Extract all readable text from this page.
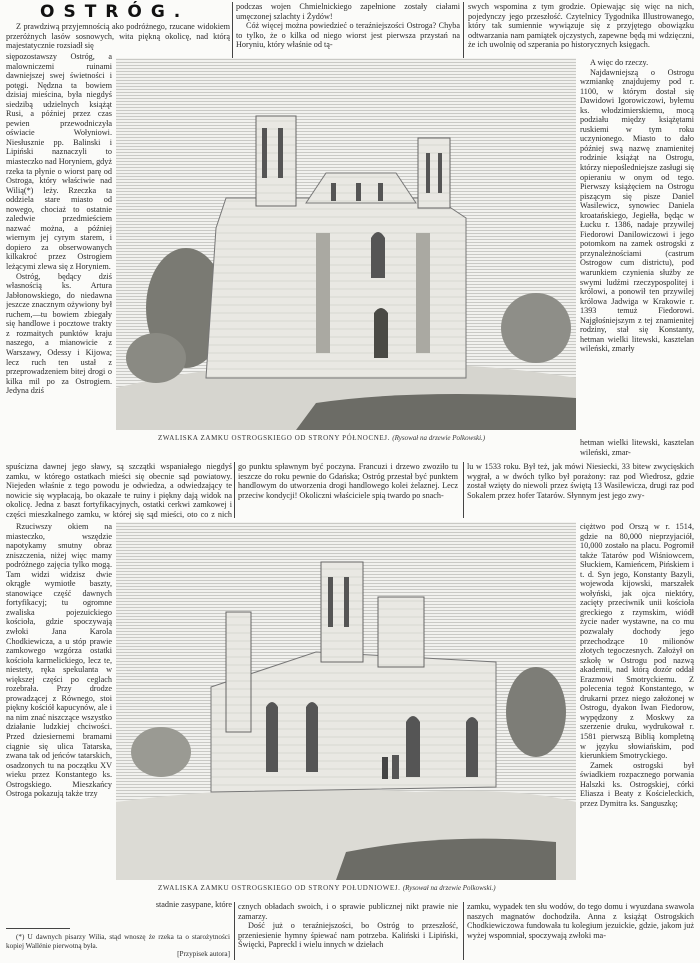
OSTRÓG.

Z prawdziwą przyjemnością ako podróżnego, rzucane widokiem przeróżnych lasów sosnowych, wita piękną okolicę, nad którą majestatycznie rozsiadł się

siępozostawszy Ostróg, a malowniczemi ruinami dawniejszej swej świetności i potęgi. Nędzna ta bowiem dzisiaj mieścina, była niegdyś siedzibą udzielnych książąt Rusi, a później przez czas pewien przewodniczyła oświacie Wołyniowi. Niesłusznie pp. Balinski i Lipiński naznaczyli to miasteczko nad Horyniem, gdyż rzeka ta płynie o wiorst parę od Ostroga, który właściwie nad Wilią(*) leży. Rzeczka ta oddziela stare miasto od nowego, chociaż to ostatnie zaledwie przedmieściem nazwać można, a później wiernym jej cyrym starem, i dopiero za obserwowanych kilkakroć przez Ostrogiem leżącymi zlewa się z Horyniem.

Ostróg, będący dziś własnością ks. Artura Jabłonowskiego, do niedawna jeszcze znacznym ożywiony był ruchem,—tu bowiem zbiegały się handlowe i pocztowe trakty z rozmaitych punktów kraju naszego, a mianowicie z Warszawy, Odessy i Kijowa; lecz ruch ten ustał z przeprowadzeniem bitej drogi o kilka mil po za Ostrogiem. Jedyna dziś

podczas wojen Chmielnickiego zapełnione zostały ciałami umęczonej szlachty i Żydów!

Cóż więcej można powiedzieć o teraźniejszości Ostroga? Chyba to tylko, że o kilka od niego wiorst jest pierwsza przystań na Horyniu, który właśnie od tą-

swych wspomina z tym grodzie. Opiewając się więc na nich, pojedynczy jego przeszłość. Czytelnicy Tygodnika Illustrowanego, który tak sumiennie wywiązuje się z przyjętego obowiązku odtwarzania nam pamiątek ojczystych, zapewne będą mi wdzięczni, że ich uwolnię od szperania po historycznych księgach.

A więc do rzeczy.

Najdawniejszą o Ostrogu wzmiankę znajdujemy pod r. 1100, w którym dostał się Dawidowi Igorowiczowi, byłemu ks. włodzimierskiemu, mocą podziału między książętami ruskiemi w tym roku uczynionego. Miasto to dało później swą nazwę znamienitej rodzinie książąt na Ostrogu, którzy niepośledniejsze zasługi się opieraniu w onym od tego. Pierwszy książęciem na Ostrogu piszącym się pisze Daniel Wasilewicz, synowiec Daniela kroatańskiego, Jegiełła, będąc w Łucku r. 1386, nadaje przywilej Fiedorowi Danilowiczowi i jego potomkom na zamek ostrogski z przynależnościami (castrum Ostrogow cum districtu), pod warunkiem czynienia służby ze swymi ludźmi rzeczypospolitej i królowi, a ponowił ten przywilej królowa Jadwiga w Krakowie r. 1393 temuż Fiedorowi. Najgłośniejszym z tej znamienitej rodziny, stał się Konstanty, hetman wielki litewski, kasztelan wileński, zmarły

ZWALISKA ZAMKU OSTROGSKIEGO OD STRONY PÓŁNOCNEJ. (Rysował na drzewie Polkowski.)

spuścizna dawnej jego sławy, są szczątki wspaniałego niegdyś zamku, w którego ostatkach mieści się obecnie sąd powiatowy. Niejeden właśnie z tego powodu je odwiedza, a odwiedzający te nowicie się wypłacają, bo okazałe te ruiny i piękny dają widok na okolicę. Jedna z baszt fortyfikacyjnych, ostatki cerkwi zamkowej i części mieszkalnego zamku, w której się sąd mieści, oto co z nich

go punktu spławnym być poczyna. Francuzi i drzewo zwoziło tu ieszcze do roku pewnie do Gdańska; Ostróg przestał być punktem handlowym do utworzenia drogi handlowego kolei żelaznej. Lecz przeciw kondycji! Okoliczni właściciele spią twardo po snach-

lu w 1533 roku. Był też, jak mówi Niesiecki, 33 bitew zwycięskich wygrał, a w dwóch tylko był porażony: raz pod Wiedrosz, gdzie został wzięty do niewoli przez świętą 13 Wasilewicza, drugi raz pod Sokalem przez hofer Tatarów. Słynnym jest jego zwy-

hetman wielki litewski, kasztelan wileński, zmar-

Rzuciwszy okiem na miasteczko, wszędzie napotykamy smutny obraz zniszczenia, niżej więc mamy podróżnego zajęcia tylko mogą. Tam widzi widzisz dwie okrągłe wymiotłe baszty, stanowiące część dawnych fortyfikacyj; tu ogromne zwaliska pojezuickiego kościoła, gdzie spoczywają zwłoki Jana Karola Chodkiewicza, a u stóp prawie zamkowego wzgórza ostatki kościoła karmelickiego, lecz te, niestety, ręka spekulanta w większej części po ceglach rozebrała. Przy drodze prowadzącej z Równego, stoi piękny kościół kapucynów, ale i na nim znać niszczące wszystko działanie ludzkiej chciwości. Przed dziesiernemi bramami ciągnie się ulica Tatarska, zwana tak od jeńców tatarskich, osadzonych tu na początku XV wieku przez Konstantego ks. Ostrogskiego. Mieszkańcy Ostroga pokazują także trzy

ciężtwo pod Orszą w r. 1514, gdzie na 80,000 nieprzyjaciół, 10,000 zostało na placu. Pogromił także Tatarów pod Wiśniowcem, Słuckiem, Kamieńcem, Pińskiem i t. d. Syn jego, Konstanty Bazyli, wojewoda kijowski, marszałek wołyński, jak ojca niektóry, zacięty przeciwnik unii kościoła greckiego z rzymskim, wiódł życie nader wystawne, na co mu pozwalały dochody jego przechodzące 10 milionów złotych tegoczesnych. Założył on szkołę w Ostrogu pod nazwą akademii, nad którą dozór oddał Erazmowi Smotryckiemu. Z polecenia tegoż Konstantego, w drukarni przez niego założonej w Ostrogu, dyakon Iwan Fiedorow, wypędzony z Moskwy za szerzenie druku, wydrukował r. 1581 pierwszą Biblią kompletną w języku słowiańskim, pod kierunkiem Smotryckiego.

Zamek ostrogski był świadkiem rozpacznego porwania Halszki ks. Ostrogskiej, córki Eliasza i Beaty z Kościeleckich, przez Dymitra ks. Sanguszkę;

ZWALISKA ZAMKU OSTROGSKIEGO OD STRONY POŁUDNIOWEJ. (Rysował na drzewie Polkowski.)

stadnie zasypane, które

(*) U dawnych pisarzy Wilia, stąd wnoszę że rzeka ta o starożytności kopiej Wallénie pierwotną była.

[Przypisek autora]

cznych obładach swoich, i o sprawie publicznej nikt prawie nie zamarzy.

Dość już o teraźniejszości, bo Ostróg to przeszłość, przeniesienie hymny śpiewać nam potrzeba. Kaliński i Lipiński, Święcki, Papreckl i wielu innych w dziełach

zamku, wypadek ten słu wodów, do tego domu i wyuzdana swawola naszych magnatów dochodziła. Anna z książąt Ostrogskich Chodkiewiczowa fundowała tu kolegium jezuickie, gdzie, jakom już wyżej wspomniał, spoczywają zwłoki ma-
